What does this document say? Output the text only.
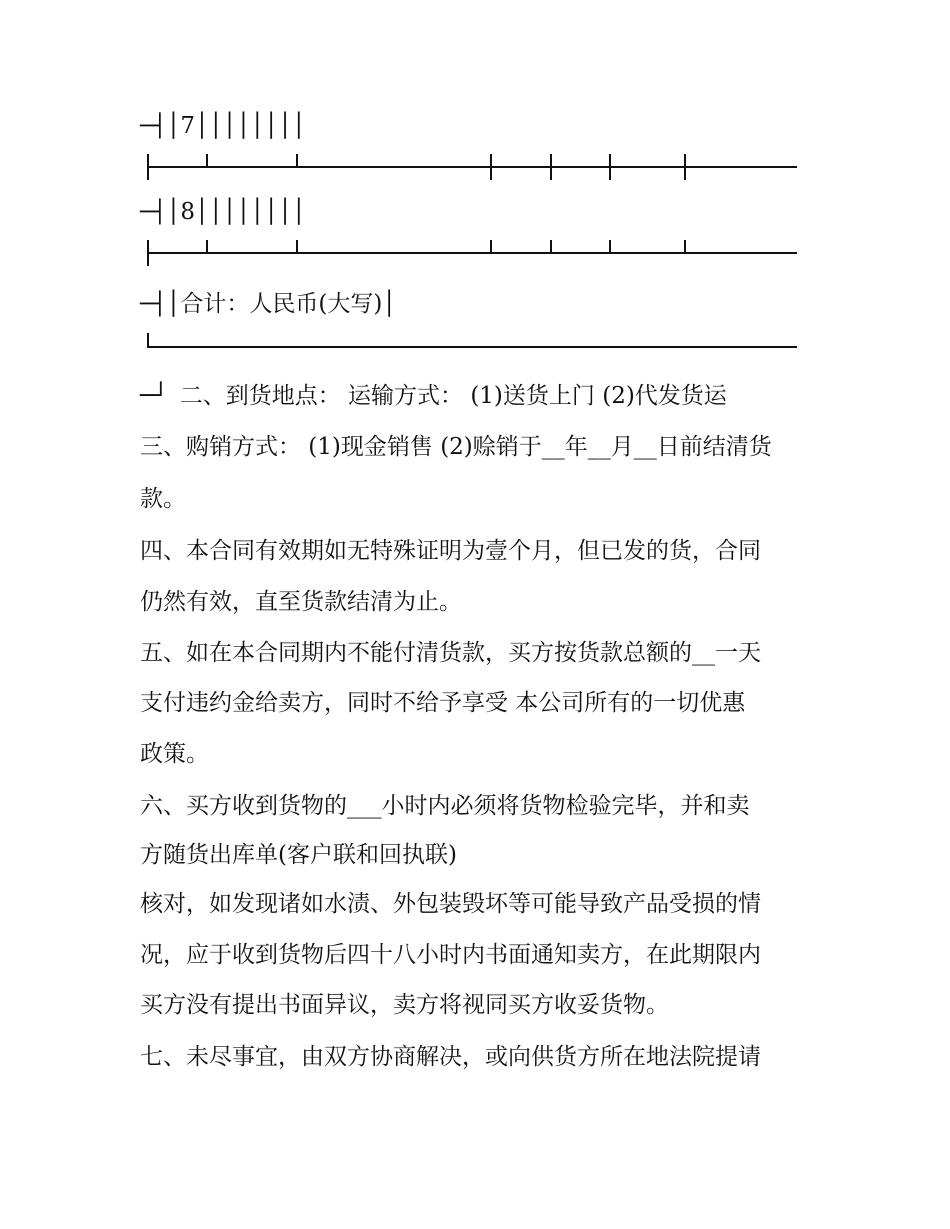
─┤│7││││││││
─┤│8││││││││
─┤│合计：人民币(大写)│
─┘ 二、到货地点： 运输方式： (1)送货上门 (2)代发货运
三、购销方式： (1)现金销售 (2)赊销于__年__月__日前结清货
款。
四、本合同有效期如无特殊证明为壹个月，但已发的货，合同
仍然有效，直至货款结清为止。
五、如在本合同期内不能付清货款，买方按货款总额的__一天
支付违约金给卖方，同时不给予享受 本公司所有的一切优惠
政策。
六、买方收到货物的___小时内必须将货物检验完毕，并和卖
方随货出库单(客户联和回执联)
核对，如发现诸如水渍、外包装毁坏等可能导致产品受损的情
况，应于收到货物后四十八小时内书面通知卖方，在此期限内
买方没有提出书面异议，卖方将视同买方收妥货物。
七、未尽事宜，由双方协商解决，或向供货方所在地法院提请
